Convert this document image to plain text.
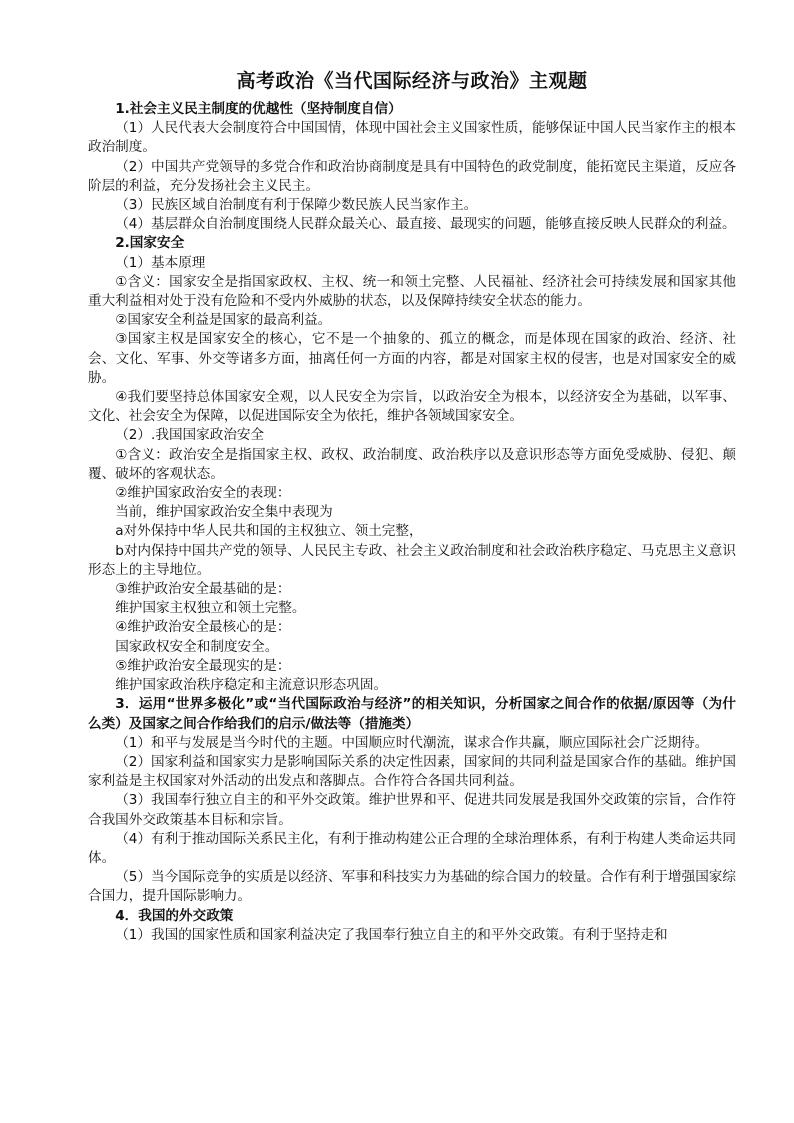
高考政治《当代国际经济与政治》主观题
1.社会主义民主制度的优越性（坚持制度自信）
（1）人民代表大会制度符合中国国情，体现中国社会主义国家性质，能够保证中国人民当家作主的根本政治制度。
（2）中国共产党领导的多党合作和政治协商制度是具有中国特色的政党制度，能拓宽民主渠道，反应各阶层的利益，充分发扬社会主义民主。
（3）民族区域自治制度有利于保障少数民族人民当家作主。
（4）基层群众自治制度围绕人民群众最关心、最直接、最现实的问题，能够直接反映人民群众的利益。
2.国家安全
（1）基本原理
①含义：国家安全是指国家政权、主权、统一和领土完整、人民福祉、经济社会可持续发展和国家其他重大利益相对处于没有危险和不受内外威胁的状态，以及保障持续安全状态的能力。
②国家安全利益是国家的最高利益。
③国家主权是国家安全的核心，它不是一个抽象的、孤立的概念，而是体现在国家的政治、经济、社会、文化、军事、外交等诸多方面，抽离任何一方面的内容，都是对国家主权的侵害，也是对国家安全的威胁。
④我们要坚持总体国家安全观，以人民安全为宗旨，以政治安全为根本，以经济安全为基础，以军事、文化、社会安全为保障，以促进国际安全为依托，维护各领域国家安全。
（2）.我国国家政治安全
①含义：政治安全是指国家主权、政权、政治制度、政治秩序以及意识形态等方面免受威胁、侵犯、颠覆、破坏的客观状态。
②维护国家政治安全的表现：
当前，维护国家政治安全集中表现为
a对外保持中华人民共和国的主权独立、领土完整，
b对内保持中国共产党的领导、人民民主专政、社会主义政治制度和社会政治秩序稳定、马克思主义意识形态上的主导地位。
③维护政治安全最基础的是：
维护国家主权独立和领土完整。
④维护政治安全最核心的是：
国家政权安全和制度安全。
⑤维护政治安全最现实的是：
维护国家政治秩序稳定和主流意识形态巩固。
3．运用“世界多极化”或“当代国际政治与经济”的相关知识，分析国家之间合作的依据/原因等（为什么类）及国家之间合作给我们的启示/做法等（措施类）
（1）和平与发展是当今时代的主题。中国顺应时代潮流，谋求合作共赢，顺应国际社会广泛期待。
（2）国家利益和国家实力是影响国际关系的决定性因素，国家间的共同利益是国家合作的基础。维护国家利益是主权国家对外活动的出发点和落脚点。合作符合各国共同利益。
（3）我国奉行独立自主的和平外交政策。维护世界和平、促进共同发展是我国外交政策的宗旨，合作符合我国外交政策基本目标和宗旨。
（4）有利于推动国际关系民主化，有利于推动构建公正合理的全球治理体系，有利于构建人类命运共同体。
（5）当今国际竞争的实质是以经济、军事和科技实力为基础的综合国力的较量。合作有利于增强国家综合国力，提升国际影响力。
4．我国的外交政策
（1）我国的国家性质和国家利益决定了我国奉行独立自主的和平外交政策。有利于坚持走和
